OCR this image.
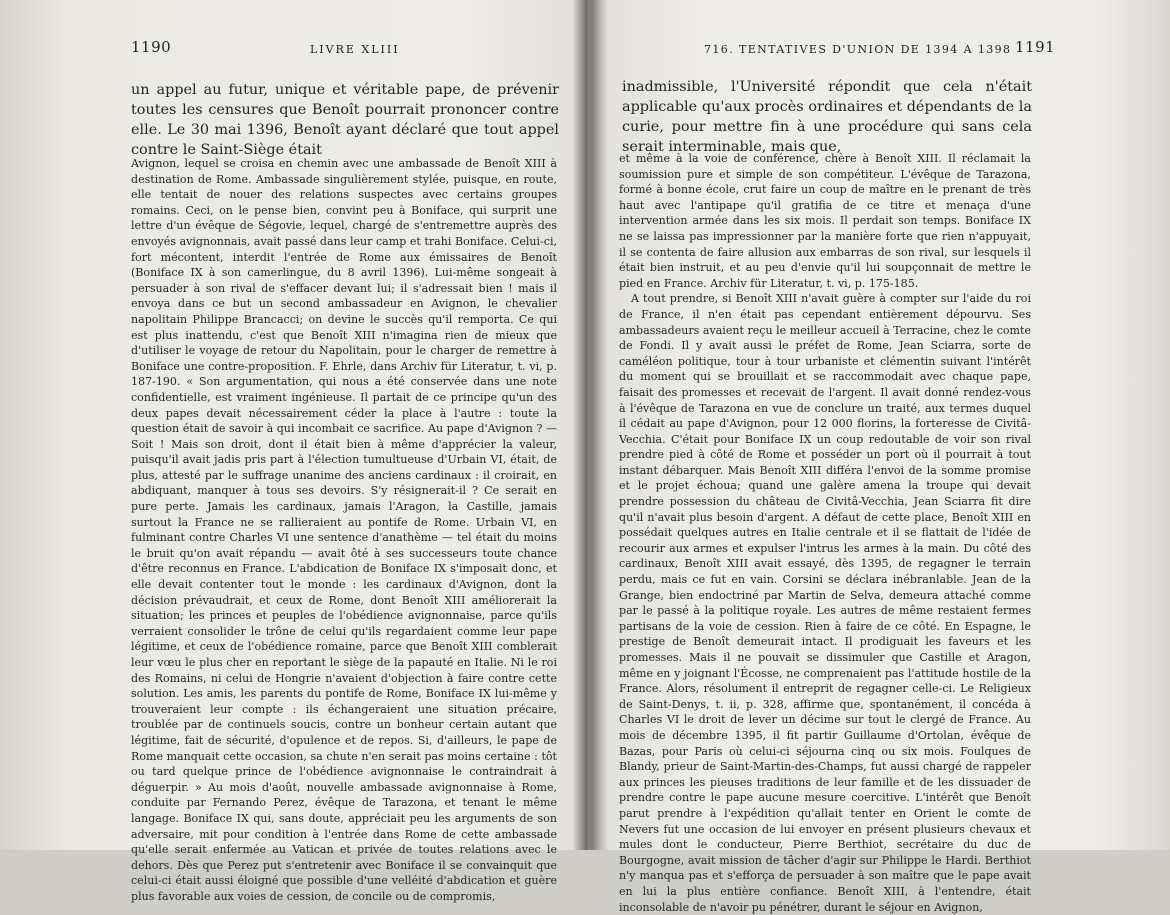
1190	LIVRE XLIII

un appel au futur, unique et véritable pape, de prévenir toutes les censures que Benoît pourrait prononcer contre elle. Le 30 mai 1396, Benoît ayant déclaré que tout appel contre le Saint-Siège était

Avignon, lequel se croisa en chemin avec une ambassade de Benoît XIII à destination de Rome. Ambassade singulièrement stylée, puisque, en route, elle tentait de nouer des relations suspectes avec certains groupes romains. Ceci, on le pense bien, convint peu à Boniface, qui surprit une lettre d'un évêque de Ségovie, lequel, chargé de s'entremettre auprès des envoyés avignonnais, avait passé dans leur camp et trahi Boniface. Celui-ci, fort mécontent, interdit l'entrée de Rome aux émissaires de Benoît (Boniface IX à son camerlingue, du 8 avril 1396). Lui-même songeait à persuader à son rival de s'effacer devant lui; il s'adressait bien ! mais il envoya dans ce but un second ambassadeur en Avignon, le chevalier napolitain Philippe Brancacci; on devine le succès qu'il remporta. Ce qui est plus inattendu, c'est que Benoît XIII n'imagina rien de mieux que d'utiliser le voyage de retour du Napolitain, pour le charger de remettre à Boniface une contre-proposition. F. Ehrle, dans Archiv für Literatur, t. vi, p. 187-190. « Son argumentation, qui nous a été conservée dans une note confidentielle, est vraiment ingénieuse. Il partait de ce principe qu'un des deux papes devait nécessairement céder la place à l'autre : toute la question était de savoir à qui incombait ce sacrifice. Au pape d'Avignon ? — Soit ! Mais son droit, dont il était bien à même d'apprécier la valeur, puisqu'il avait jadis pris part à l'élection tumultueuse d'Urbain VI, était, de plus, attesté par le suffrage unanime des anciens cardinaux : il croirait, en abdiquant, manquer à tous ses devoirs. S'y résignerait-il ? Ce serait en pure perte. Jamais les cardinaux, jamais l'Aragon, la Castille, jamais surtout la France ne se rallieraient au pontife de Rome. Urbain VI, en fulminant contre Charles VI une sentence d'anathème — tel était du moins le bruit qu'on avait répandu — avait ôté à ses successeurs toute chance d'être reconnus en France. L'abdication de Boniface IX s'imposait donc, et elle devait contenter tout le monde : les cardinaux d'Avignon, dont la décision prévaudrait, et ceux de Rome, dont Benoît XIII améliorerait la situation; les princes et peuples de l'obédience avignonnaise, parce qu'ils verraient consolider le trône de celui qu'ils regardaient comme leur pape légitime, et ceux de l'obédience romaine, parce que Benoît XIII comblerait leur vœu le plus cher en reportant le siège de la papauté en Italie. Ni le roi des Romains, ni celui de Hongrie n'avaient d'objection à faire contre cette solution. Les amis, les parents du pontife de Rome, Boniface IX lui-même y trouveraient leur compte : ils échangeraient une situation précaire, troublée par de continuels soucis, contre un bonheur certain autant que légitime, fait de sécurité, d'opulence et de repos. Si, d'ailleurs, le pape de Rome manquait cette occasion, sa chute n'en serait pas moins certaine : tôt ou tard quelque prince de l'obédience avignonnaise le contraindrait à déguerpir. » Au mois d'août, nouvelle ambassade avignonnaise à Rome, conduite par Fernando Perez, évêque de Tarazona, et tenant le même langage. Boniface IX qui, sans doute, appréciait peu les arguments de son adversaire, mit pour condition à l'entrée dans Rome de cette ambassade qu'elle serait enfermée au Vatican et privée de toutes relations avec le dehors. Dès que Perez put s'entretenir avec Boniface il se convainquit que celui-ci était aussi éloigné que possible d'une velléité d'abdication et guère plus favorable aux voies de cession, de concile ou de compromis,

716. TENTATIVES D'UNION DE 1394 A 1398 1191

inadmissible, l'Université répondit que cela n'était applicable qu'aux procès ordinaires et dépendants de la curie, pour mettre fin à une procédure qui sans cela serait interminable, mais que,

et même à la voie de conférence, chère à Benoît XIII. Il réclamait la soumission pure et simple de son compétiteur. L'évêque de Tarazona, formé à bonne école, crut faire un coup de maître en le prenant de très haut avec l'antipape qu'il gratifia de ce titre et menaça d'une intervention armée dans les six mois. Il perdait son temps. Boniface IX ne se laissa pas impressionner par la manière forte que rien n'appuyait, il se contenta de faire allusion aux embarras de son rival, sur lesquels il était bien instruit, et au peu d'envie qu'il lui soupçonnait de mettre le pied en France. Archiv für Literatur, t. vi, p. 175-185.

A tout prendre, si Benoît XIII n'avait guère à compter sur l'aide du roi de France, il n'en était pas cependant entièrement dépourvu. Ses ambassadeurs avaient reçu le meilleur accueil à Terracine, chez le comte de Fondi. Il y avait aussi le préfet de Rome, Jean Sciarra, sorte de caméléon politique, tour à tour urbaniste et clémentin suivant l'intérêt du moment qui se brouillait et se raccommodait avec chaque pape, faisait des promesses et recevait de l'argent. Il avait donné rendez-vous à l'évêque de Tarazona en vue de conclure un traité, aux termes duquel il cédait au pape d'Avignon, pour 12 000 florins, la forteresse de Civitâ-Vecchia. C'était pour Boniface IX un coup redoutable de voir son rival prendre pied à côté de Rome et posséder un port où il pourrait à tout instant débarquer. Mais Benoît XIII différa l'envoi de la somme promise et le projet échoua; quand une galère amena la troupe qui devait prendre possession du château de Civitâ-Vecchia, Jean Sciarra fit dire qu'il n'avait plus besoin d'argent. A défaut de cette place, Benoît XIII en possédait quelques autres en Italie centrale et il se flattait de l'idée de recourir aux armes et expulser l'intrus les armes à la main. Du côté des cardinaux, Benoît XIII avait essayé, dès 1395, de regagner le terrain perdu, mais ce fut en vain. Corsini se déclara inébranlable. Jean de la Grange, bien endoctriné par Martin de Selva, demeura attaché comme par le passé à la politique royale. Les autres de même restaient fermes partisans de la voie de cession. Rien à faire de ce côté. En Espagne, le prestige de Benoît demeurait intact. Il prodiguait les faveurs et les promesses. Mais il ne pouvait se dissimuler que Castille et Aragon, même en y joignant l'Écosse, ne comprenaient pas l'attitude hostile de la France. Alors, résolument il entreprit de regagner celle-ci. Le Religieux de Saint-Denys, t. ii, p. 328, affirme que, spontanément, il concéda à Charles VI le droit de lever un décime sur tout le clergé de France. Au mois de décembre 1395, il fit partir Guillaume d'Ortolan, évêque de Bazas, pour Paris où celui-ci séjourna cinq ou six mois. Foulques de Blandy, prieur de Saint-Martin-des-Champs, fut aussi chargé de rappeler aux princes les pieuses traditions de leur famille et de les dissuader de prendre contre le pape aucune mesure coercitive. L'intérêt que Benoît parut prendre à l'expédition qu'allait tenter en Orient le comte de Nevers fut une occasion de lui envoyer en présent plusieurs chevaux et mules dont le conducteur, Pierre Berthiot, secrétaire du duc de Bourgogne, avait mission de tâcher d'agir sur Philippe le Hardi. Berthiot n'y manqua pas et s'efforça de persuader à son maître que le pape avait en lui la plus entière confiance. Benoît XIII, à l'entendre, était inconsolable de n'avoir pu pénétrer, durant le séjour en Avignon,
